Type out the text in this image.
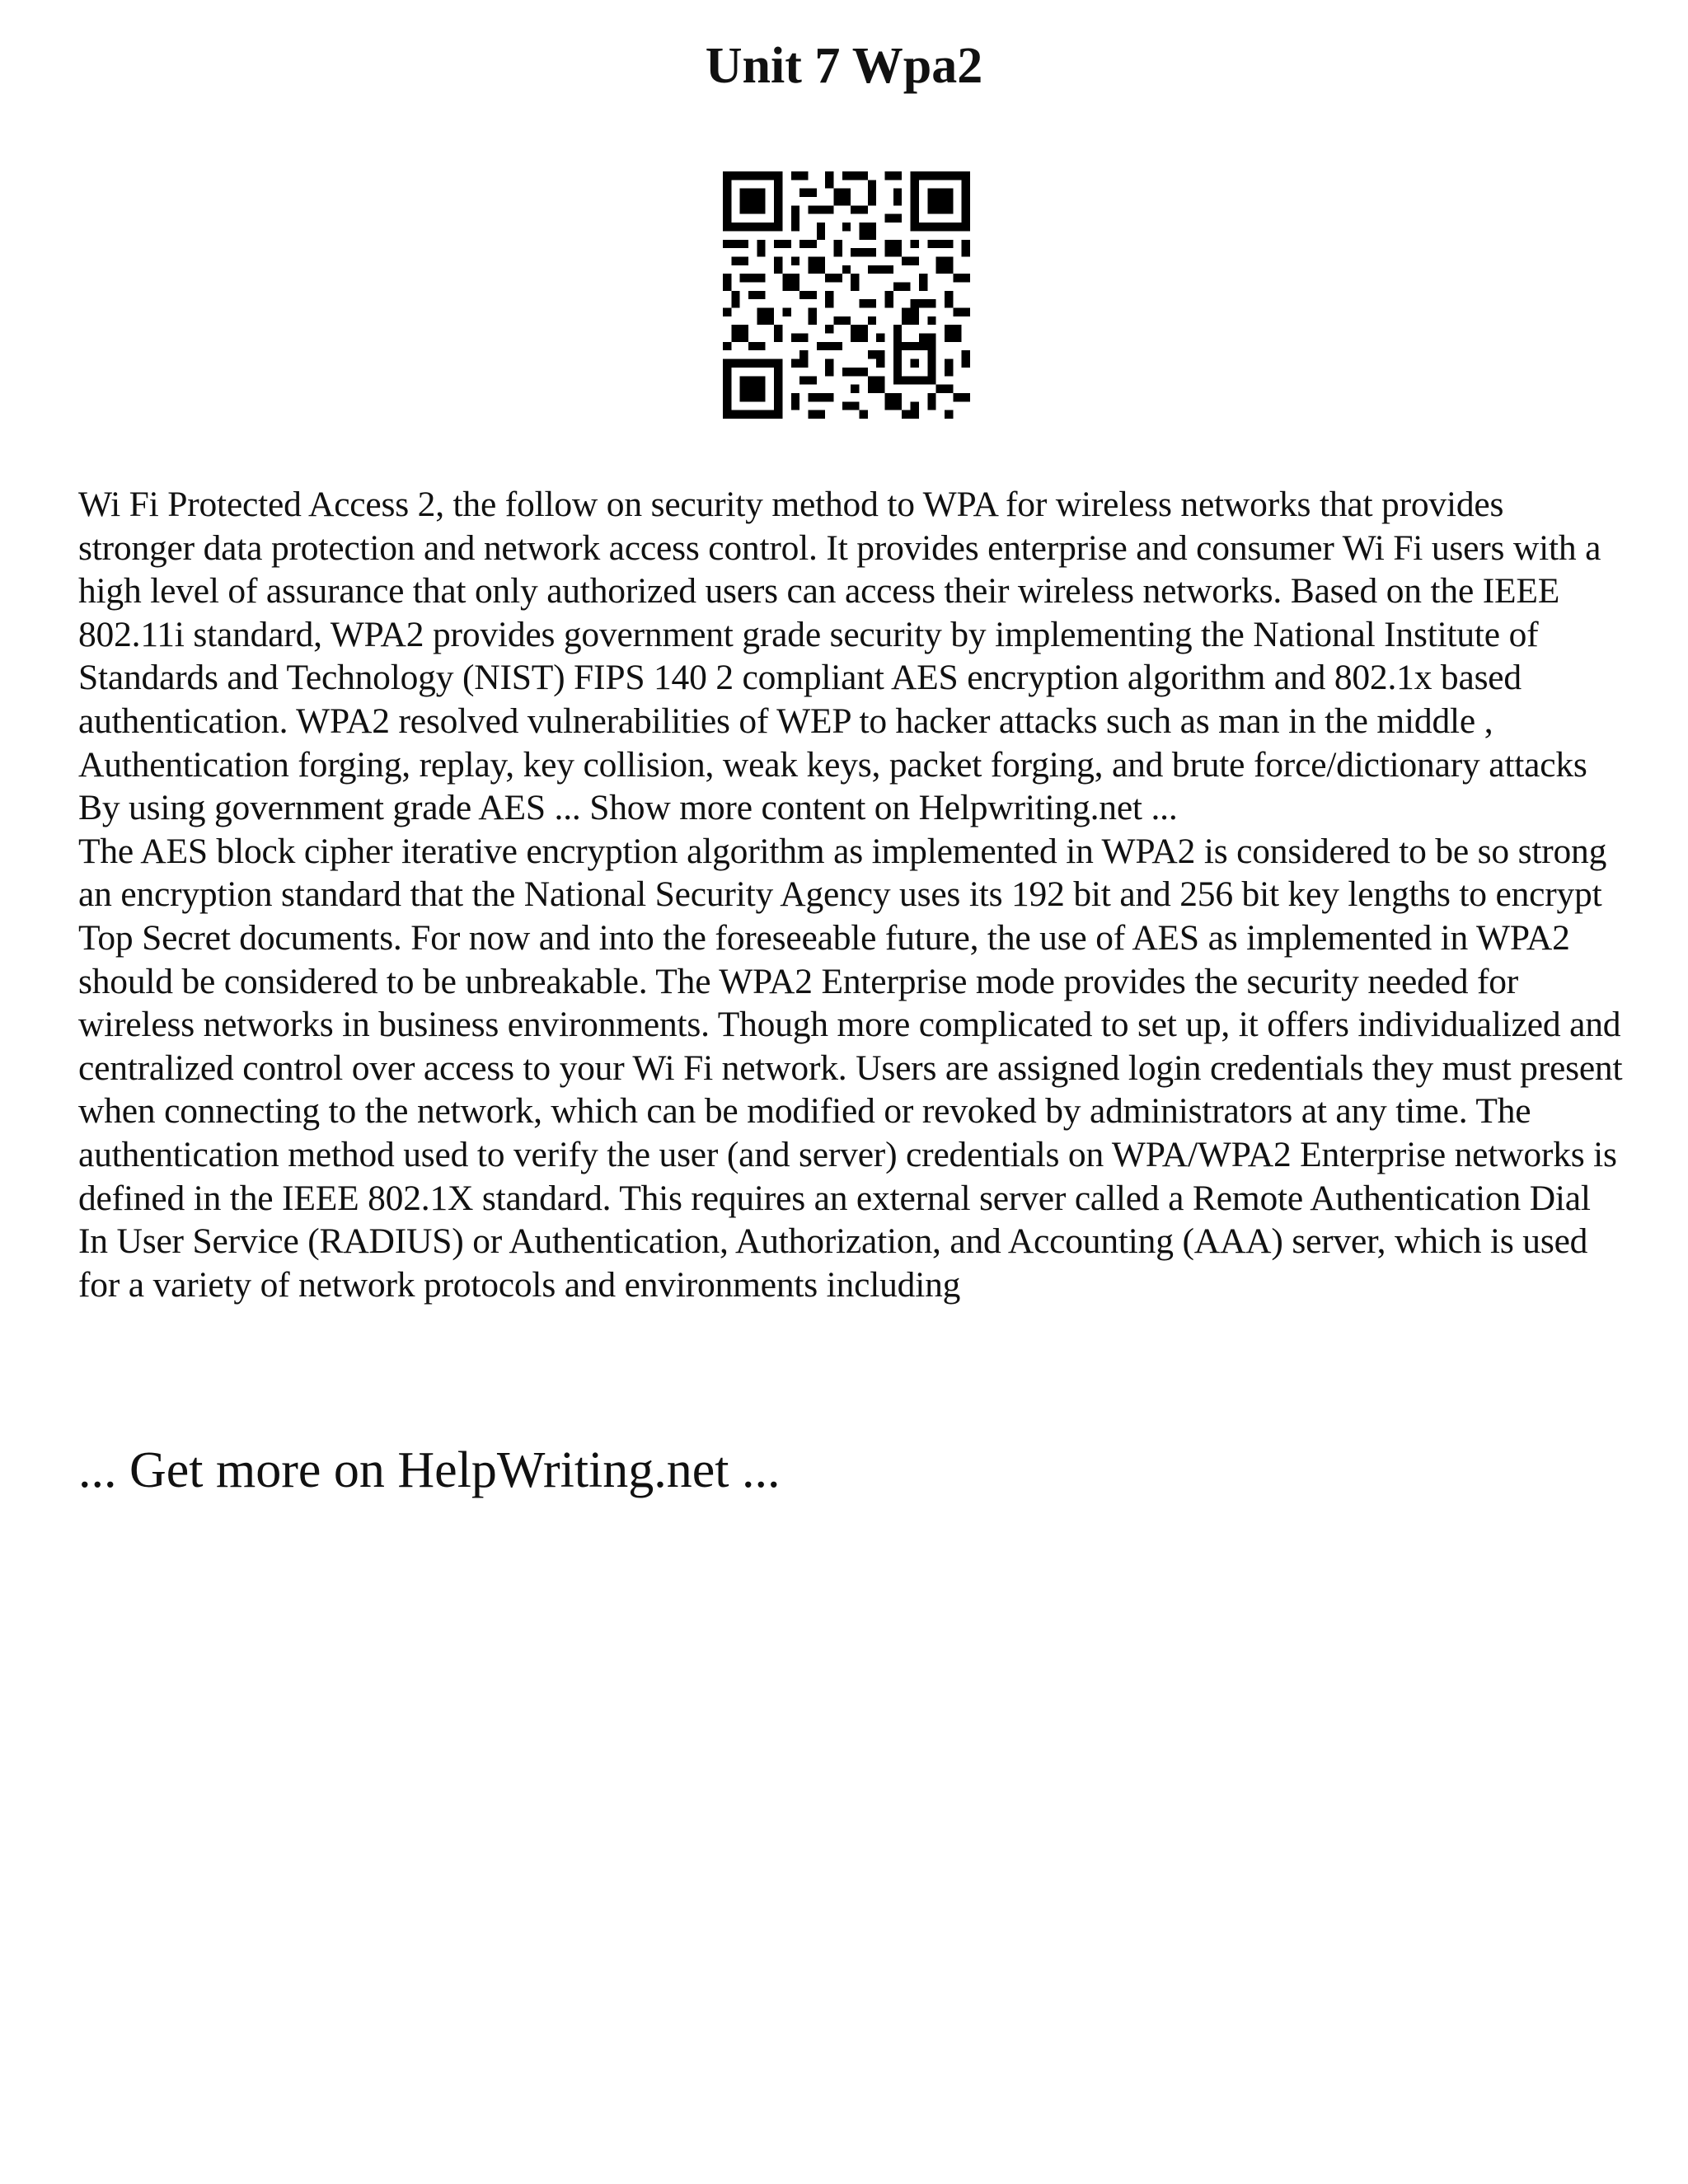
Unit 7 Wpa2

Wi Fi Protected Access 2, the follow on security method to WPA for wireless networks that provides stronger data protection and network access control. It provides enterprise and consumer Wi Fi users with a high level of assurance that only authorized users can access their wireless networks. Based on the IEEE 802.11i standard, WPA2 provides government grade security by implementing the National Institute of Standards and Technology (NIST) FIPS 140 2 compliant AES encryption algorithm and 802.1x based authentication. WPA2 resolved vulnerabilities of WEP to hacker attacks such as man in the middle ,

Authentication forging, replay, key collision, weak keys, packet forging, and brute force/dictionary attacks By using government grade AES ... Show more content on Helpwriting.net ...

The AES block cipher iterative encryption algorithm as implemented in WPA2 is considered to be so strong an encryption standard that the National Security Agency uses its 192 bit and 256 bit key lengths to encrypt Top Secret documents. For now and into the foreseeable future, the use of AES as implemented in WPA2 should be considered to be unbreakable. The WPA2 Enterprise mode provides the security needed for wireless networks in business environments. Though more complicated to set up, it offers individualized and centralized control over access to your Wi Fi network. Users are assigned login credentials they must present when connecting to the network, which can be modified or revoked by administrators at any time. The authentication method used to verify the user (and server) credentials on WPA/WPA2 Enterprise networks is defined in the IEEE 802.1X standard. This requires an external server called a Remote Authentication Dial In User Service (RADIUS) or Authentication, Authorization, and Accounting (AAA) server, which is used for a variety of network protocols and environments including

... Get more on HelpWriting.net ...
